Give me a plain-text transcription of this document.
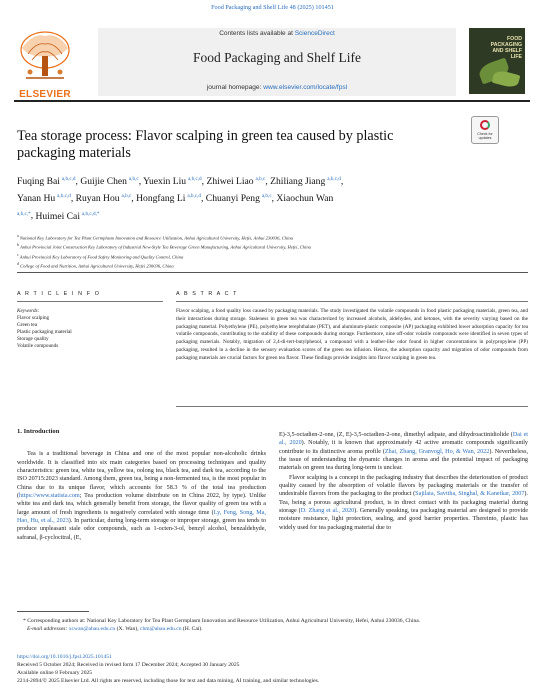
Food Packaging and Shelf Life 48 (2025) 101451
ELSEVIER
Contents lists available at ScienceDirect
Food Packaging and Shelf Life
journal homepage: www.elsevier.com/locate/fpsl
FOOD
PACKAGING
AND SHELF
LIFE
Check for updates
Tea storage process: Flavor scalping in green tea caused by plastic packaging materials
Fuqing Bai  $^{a,b,c,d}$, Guijie Chen  $^{a,b,c}$, Yuexin Liu  $^{a,b,c,d}$, Zhiwei Liao  $^{a,b,c}$, Zhiliang Jiang  $^{a,b,c,d}$, Yanan Hu  $^{a,b,c,d}$, Ruyan Hou  $^{a,b,c}$, Hongfang Li  $^{a,b,c,d}$, Chuanyi Peng  $^{a,b,c}$, Xiaochun Wan $^{a,b,c,*}$, Huimei Cai  $^{a,b,c,d,*}$
$^a$ National Key Laboratory for Tea Plant Germplasm Innovation and Resource Utilization, Anhui Agricultural University, Hefei, Anhui 230036, China
$^b$ Anhui Provincial Joint Construction Key Laboratory of Industrial New-Style Tea Beverage Green Manufacturing, Anhui Agricultural University, Hefei, China
$^c$ Anhui Provincial Key Laboratory of Food Safety Monitoring and Quality Control, China
$^d$ College of Food and Nutrition, Anhui Agricultural University, Hefei 230036, China
A R T I C L E I N F O	A B S T R A C T
Keywords:
Flavor scalping
Green tea
Plastic packaging material
Storage quality
Volatile compounds
Flavor scalping, a food quality loss caused by packaging materials. The study investigated the volatile compounds in food plastic packaging materials, green tea, and their interactions during storage. Staleness in green tea was characterized by increased alcohols, aldehydes, and ketones, with the severity varying based on the packaging material. Polyethylene (PE), polyethylene terephthalate (PET), and aluminum-plastic composite (AP) packaging exhibited lower adsorption capacity for tea volatile compounds, contributing to the stability of these compounds during storage. Furthermore, nine off-odor volatile compounds were identified in seven types of packaging materials. Notably, migration of 2,4-di-tert-butylphenol, a compound with a leather-like odor found in higher concentrations in polypropylene (PP) packaging, resulted in a decline in the sensory evaluation scores of the green tea infusion. Hence, the adsorption capacity and migration of odor compounds from packaging materials are crucial factors for green tea flavor. These findings provide insights into flavor scalping in green tea.
1. Introduction

Tea is a traditional beverage in China and one of the most popular non-alcoholic drinks worldwide. It is classified into six main categories based on processing techniques and quality characteristics: green tea, white tea, yellow tea, oolong tea, black tea, and dark tea, according to the ISO 20715:2023 standard. Among them, green tea, being a non-fermented tea, is the most popular in China due to its unique flavor, which accounts for 58.3 % of the total tea production (https://www.statista.com; Tea production volume distribute on in China 2022, by type). Unlike white tea and dark tea, which generally benefit from storage, the flavor quality of green tea with a large amount of fresh ingredients is negatively correlated with storage time (Ly, Feng, Song, Ma, Hao, Hu, et al., 2023). In particular, during long-term storage or improper storage, green tea tends to produce unpleasant stale odor compounds, such as 1-octen-3-ol, benzyl alcohol, benzaldehyde, safranal, β-cyclocitral, (E,

E)-3,5-octadien-2-one, (Z, E)-3,5-octadien-2-one, dimethyl adipate, and dihydroactinidiolide (Dai et al., 2020). Notably, it is known that approximately 42 active aromatic compounds significantly contribute to its distinctive aroma profile (Zhai, Zhang, Granvogl, Ho, & Wan, 2022). Nevertheless, the issue of understanding the dynamic changes in aroma and the potential impact of packaging materials on green tea during long-term is unclear.

Flavor scalping is a concept in the packaging industry that describes the deterioration of product quality caused by the absorption of volatile flavors by packaging materials or the transfer of undesirable flavors from the packaging to the product (Sajilata, Savitha, Singhal, & Kanetkar, 2007). Tea, being a porous agricultural product, is in direct contact with its packaging material during storage (D. Zhang et al., 2020). Generally speaking, tea packaging material are designed to provide moisture resistance, light protection, sealing, and good barrier properties. Thereinto, plastic has widely used for tea packaging material due to

* Corresponding authors at: National Key Laboratory for Tea Plant Germplasm Innovation and Resource Utilization, Anhui Agricultural University, Hefei, Anhui 230036, China.
E-mail addresses: xcwan@ahau.edu.cn (X. Wan), chm@ahau.edu.cn (H. Cai).
https://doi.org/10.1016/j.fpsl.2025.101451
Received 5 October 2024; Received in revised form 17 December 2024; Accepted 30 January 2025
Available online 8 February 2025
2214-2894/© 2025 Elsevier Ltd. All rights are reserved, including those for text and data mining, AI training, and similar technologies.
